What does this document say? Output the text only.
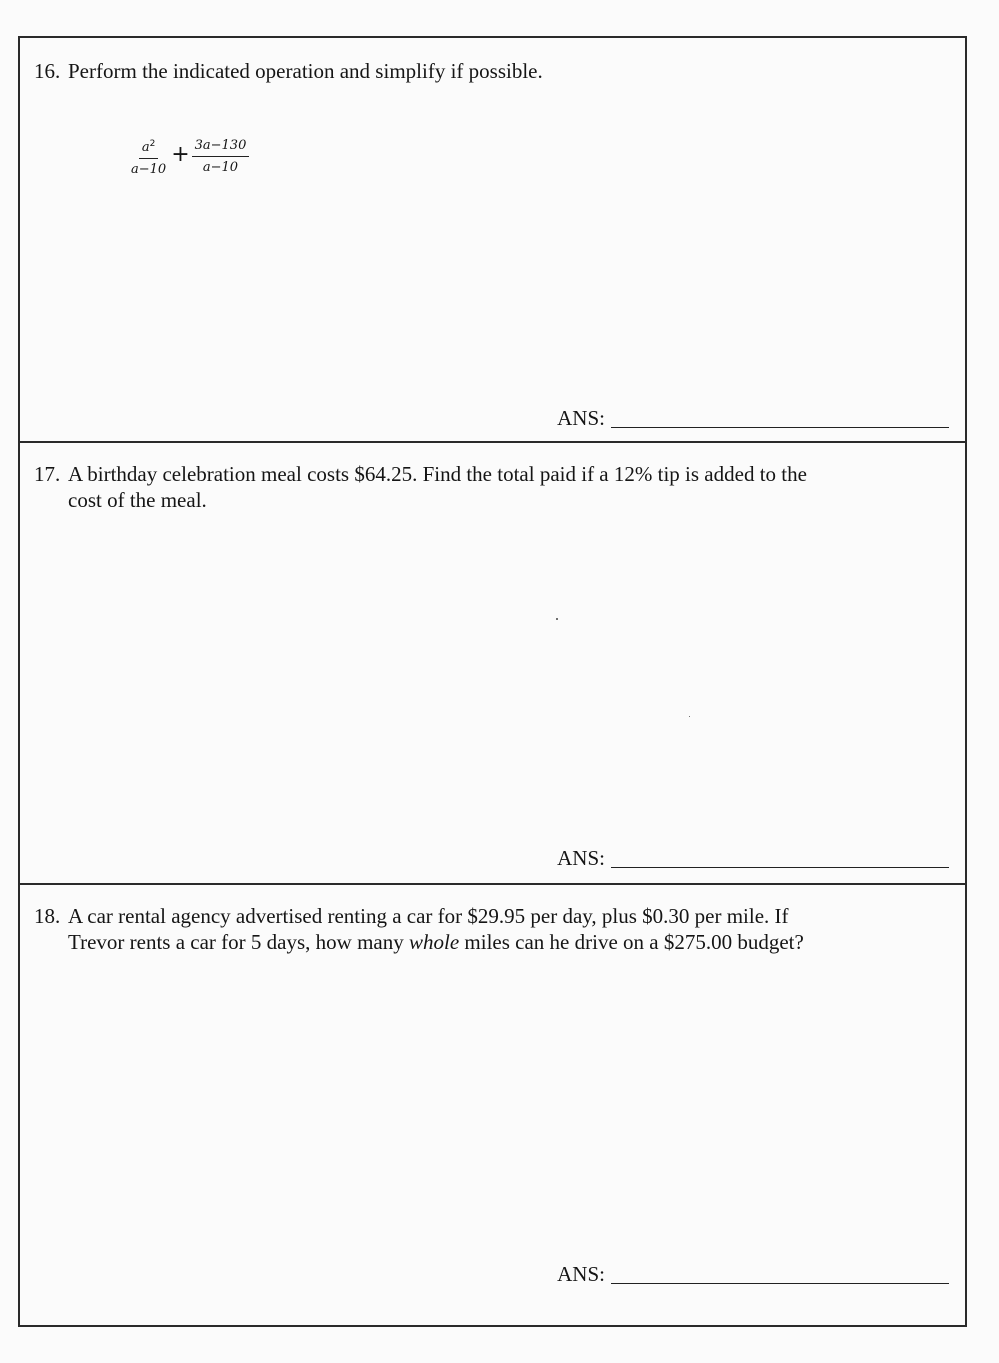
16. Perform the indicated operation and simplify if possible.
$\frac{a^2}{a-10} + \frac{3a-130}{a-10}$
ANS:
17. A birthday celebration meal costs $64.25. Find the total paid if a 12% tip is added to the
cost of the meal.
ANS:
18. A car rental agency advertised renting a car for $29.95 per day, plus $0.30 per mile. If
Trevor rents a car for 5 days, how many whole miles can he drive on a $275.00 budget?
ANS:
